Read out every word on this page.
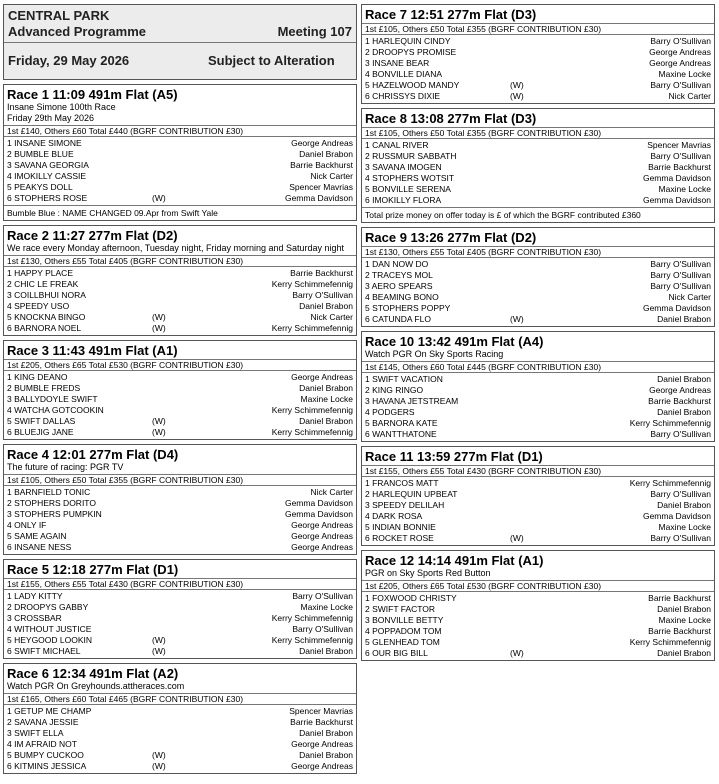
CENTRAL PARK
Advanced Programme	Meeting 107
Friday, 29 May 2026	Subject to Alteration
Race 1 11:09 491m Flat (A5)
Insane Simone 100th Race
Friday 29th May 2026
1st £140, Others £60 Total £440 (BGRF CONTRIBUTION £30)
1 INSANE SIMONE	George Andreas
2 BUMBLE BLUE	Daniel Brabon
3 SAVANA GEORGIA	Barrie Backhurst
4 IMOKILLY CASSIE	Nick Carter
5 PEAKYS DOLL	Spencer Mavrias
6 STOPHERS ROSE	(W)	Gemma Davidson
Bumble Blue : NAME CHANGED 09.Apr from Swift Yale
Race 2 11:27 277m Flat (D2)
We race every Monday afternoon, Tuesday night, Friday morning and Saturday night
1st £130, Others £55 Total £405 (BGRF CONTRIBUTION £30)
1 HAPPY PLACE	Barrie Backhurst
2 CHIC LE FREAK	Kerry Schimmefennig
3 COILLBHUI NORA	Barry O'Sullivan
4 SPEEDY USO	Daniel Brabon
5 KNOCKNA BINGO	(W)	Nick Carter
6 BARNORA NOEL	(W)	Kerry Schimmefennig
Race 3 11:43 491m Flat (A1)
1st £205, Others £65 Total £530 (BGRF CONTRIBUTION £30)
1 KING DEANO	George Andreas
2 BUMBLE FREDS	Daniel Brabon
3 BALLYDOYLE SWIFT	Maxine Locke
4 WATCHA GOTCOOKIN	Kerry Schimmefennig
5 SWIFT DALLAS	(W)	Daniel Brabon
6 BLUEJIG JANE	(W)	Kerry Schimmefennig
Race 4 12:01 277m Flat (D4)
The future of racing: PGR TV
1st £105, Others £50 Total £355 (BGRF CONTRIBUTION £30)
1 BARNFIELD TONIC	Nick Carter
2 STOPHERS DORITO	Gemma Davidson
3 STOPHERS PUMPKIN	Gemma Davidson
4 ONLY IF	George Andreas
5 SAME AGAIN	George Andreas
6 INSANE NESS	George Andreas
Race 5 12:18 277m Flat (D1)
1st £155, Others £55 Total £430 (BGRF CONTRIBUTION £30)
1 LADY KITTY	Barry O'Sullivan
2 DROOPYS GABBY	Maxine Locke
3 CROSSBAR	Kerry Schimmefennig
4 WITHOUT JUSTICE	Barry O'Sullivan
5 HEYGOOD LOOKIN	(W)	Kerry Schimmefennig
6 SWIFT MICHAEL	(W)	Daniel Brabon
Race 6 12:34 491m Flat (A2)
Watch PGR On Greyhounds.attheraces.com
1st £165, Others £60 Total £465 (BGRF CONTRIBUTION £30)
1 GETUP ME CHAMP	Spencer Mavrias
2 SAVANA JESSIE	Barrie Backhurst
3 SWIFT ELLA	Daniel Brabon
4 IM AFRAID NOT	George Andreas
5 BUMPY CUCKOO	(W)	Daniel Brabon
6 KITMINS JESSICA	(W)	George Andreas
Race 7 12:51 277m Flat (D3)
1st £105, Others £50 Total £355 (BGRF CONTRIBUTION £30)
1 HARLEQUIN CINDY	Barry O'Sullivan
2 DROOPYS PROMISE	George Andreas
3 INSANE BEAR	George Andreas
4 BONVILLE DIANA	Maxine Locke
5 HAZELWOOD MANDY	(W)	Barry O'Sullivan
6 CHRISSYS DIXIE	(W)	Nick Carter
Race 8 13:08 277m Flat (D3)
1st £105, Others £50 Total £355 (BGRF CONTRIBUTION £30)
1 CANAL RIVER	Spencer Mavrias
2 RUSSMUR SABBATH	Barry O'Sullivan
3 SAVANA IMOGEN	Barrie Backhurst
4 STOPHERS WOTSIT	Gemma Davidson
5 BONVILLE SERENA	Maxine Locke
6 IMOKILLY FLORA	Gemma Davidson
Total prize money on offer today is £ of which the BGRF contributed £360
Race 9 13:26 277m Flat (D2)
1st £130, Others £55 Total £405 (BGRF CONTRIBUTION £30)
1 DAN NOW DO	Barry O'Sullivan
2 TRACEYS MOL	Barry O'Sullivan
3 AERO SPEARS	Barry O'Sullivan
4 BEAMING BONO	Nick Carter
5 STOPHERS POPPY	Gemma Davidson
6 CATUNDA FLO	(W)	Daniel Brabon
Race 10 13:42 491m Flat (A4)
Watch PGR On Sky Sports Racing
1st £145, Others £60 Total £445 (BGRF CONTRIBUTION £30)
1 SWIFT VACATION	Daniel Brabon
2 KING RINGO	George Andreas
3 HAVANA JETSTREAM	Barrie Backhurst
4 PODGERS	Daniel Brabon
5 BARNORA KATE	Kerry Schimmefennig
6 WANTTHATONE	Barry O'Sullivan
Race 11 13:59 277m Flat (D1)
1st £155, Others £55 Total £430 (BGRF CONTRIBUTION £30)
1 FRANCOS MATT	Kerry Schimmefennig
2 HARLEQUIN UPBEAT	Barry O'Sullivan
3 SPEEDY DELILAH	Daniel Brabon
4 DARK ROSA	Gemma Davidson
5 INDIAN BONNIE	Maxine Locke
6 ROCKET ROSE	(W)	Barry O'Sullivan
Race 12 14:14 491m Flat (A1)
PGR on Sky Sports Red Button
1st £205, Others £65 Total £530 (BGRF CONTRIBUTION £30)
1 FOXWOOD CHRISTY	Barrie Backhurst
2 SWIFT FACTOR	Daniel Brabon
3 BONVILLE BETTY	Maxine Locke
4 POPPADOM TOM	Barrie Backhurst
5 GLENHEAD TOM	Kerry Schimmefennig
6 OUR BIG BILL	(W)	Daniel Brabon
